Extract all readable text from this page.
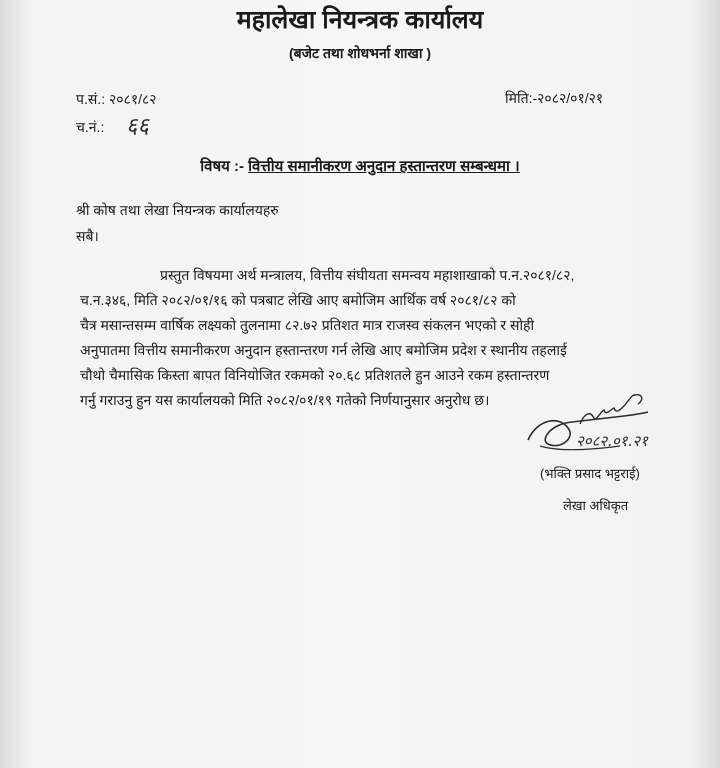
महालेखा नियन्त्रक कार्यालय
(बजेट तथा शोधभर्ना शाखा )
प.सं.: २०८१/८२
च.नं.: ६६
मिति:-२०८२/०१/२१
विषय :- वित्तीय समानीकरण अनुदान हस्तान्तरण सम्बन्धमा ।
श्री कोष तथा लेखा नियन्त्रक कार्यालयहरु
सबै।
प्रस्तुत विषयमा अर्थ मन्त्रालय, वित्तीय संघीयता समन्वय महाशाखाको प.न.२०८१/८२,
च.न.३४६, मिति २०८२/०१/१६ को पत्रबाट लेखि आए बमोजिम आर्थिक वर्ष २०८१/८२ को
चैत्र मसान्तसम्म वार्षिक लक्ष्यको तुलनामा ८२.७२ प्रतिशत मात्र राजस्व संकलन भएको र सोही
अनुपातमा वित्तीय समानीकरण अनुदान हस्तान्तरण गर्न लेखि आए बमोजिम प्रदेश र स्थानीय तहलाई
चौथो चैमासिक किस्ता बापत विनियोजित रकमको २०.६८ प्रतिशतले हुन आउने रकम हस्तान्तरण
गर्नु गराउनु हुन यस कार्यालयको मिति २०८२/०१/१९ गतेको निर्णयानुसार अनुरोध छ।
२०८२.०१.२१
(भक्ति प्रसाद भट्टराई)
लेखा अधिकृत
